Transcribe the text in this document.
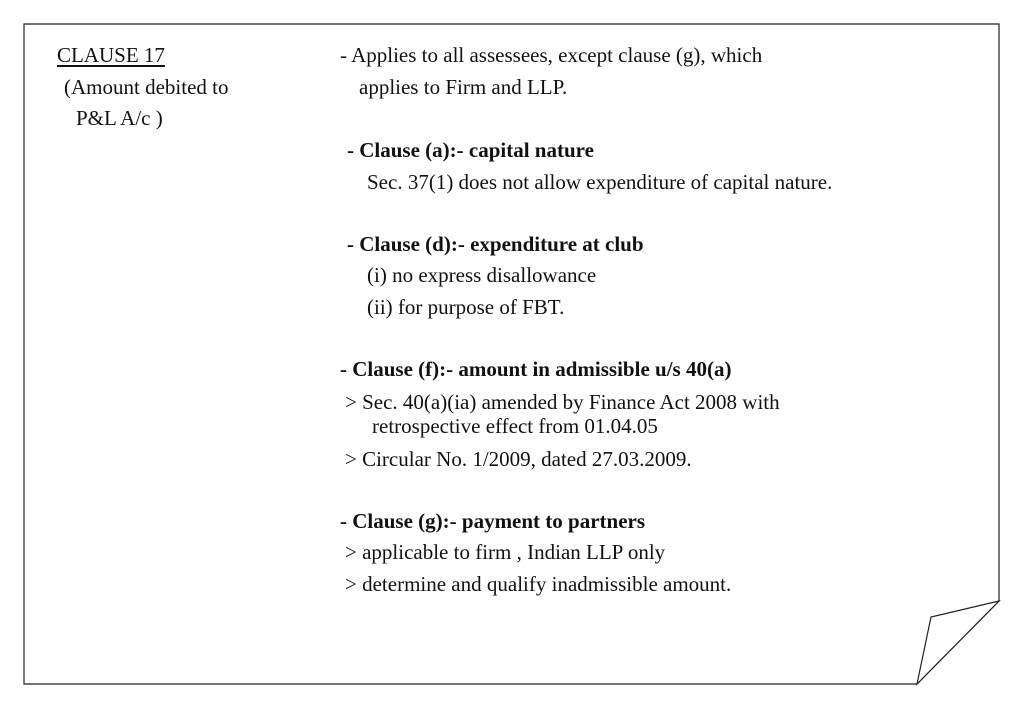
CLAUSE 17

(Amount debited to

P&L A/c )

- Applies to all assessees, except clause (g), which

applies to Firm and LLP.

- Clause (a):- capital nature

Sec. 37(1) does not allow expenditure of capital nature.

- Clause (d):- expenditure at club

(i) no express disallowance

(ii) for purpose of FBT.

- Clause (f):- amount in admissible u/s 40(a)

> Sec. 40(a)(ia) amended by Finance Act 2008 with

retrospective effect from 01.04.05

> Circular No. 1/2009, dated 27.03.2009.

- Clause (g):- payment to partners

> applicable to firm , Indian LLP only

> determine and qualify inadmissible amount.
